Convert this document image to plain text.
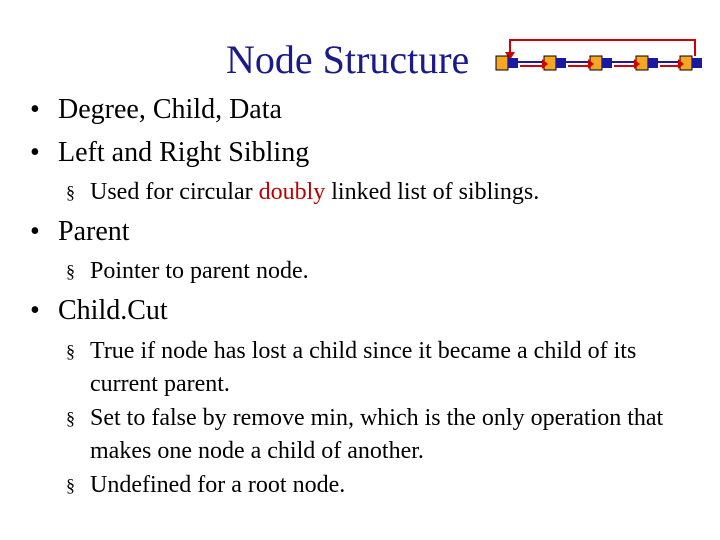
Node Structure
• Degree, Child, Data
• Left and Right Sibling
§ Used for circular doubly linked list of siblings.
• Parent
§ Pointer to parent node.
• Child.Cut
§ True if node has lost a child since it became a child of its current parent.
§ Set to false by remove min, which is the only operation that makes one node a child of another.
§ Undefined for a root node.
